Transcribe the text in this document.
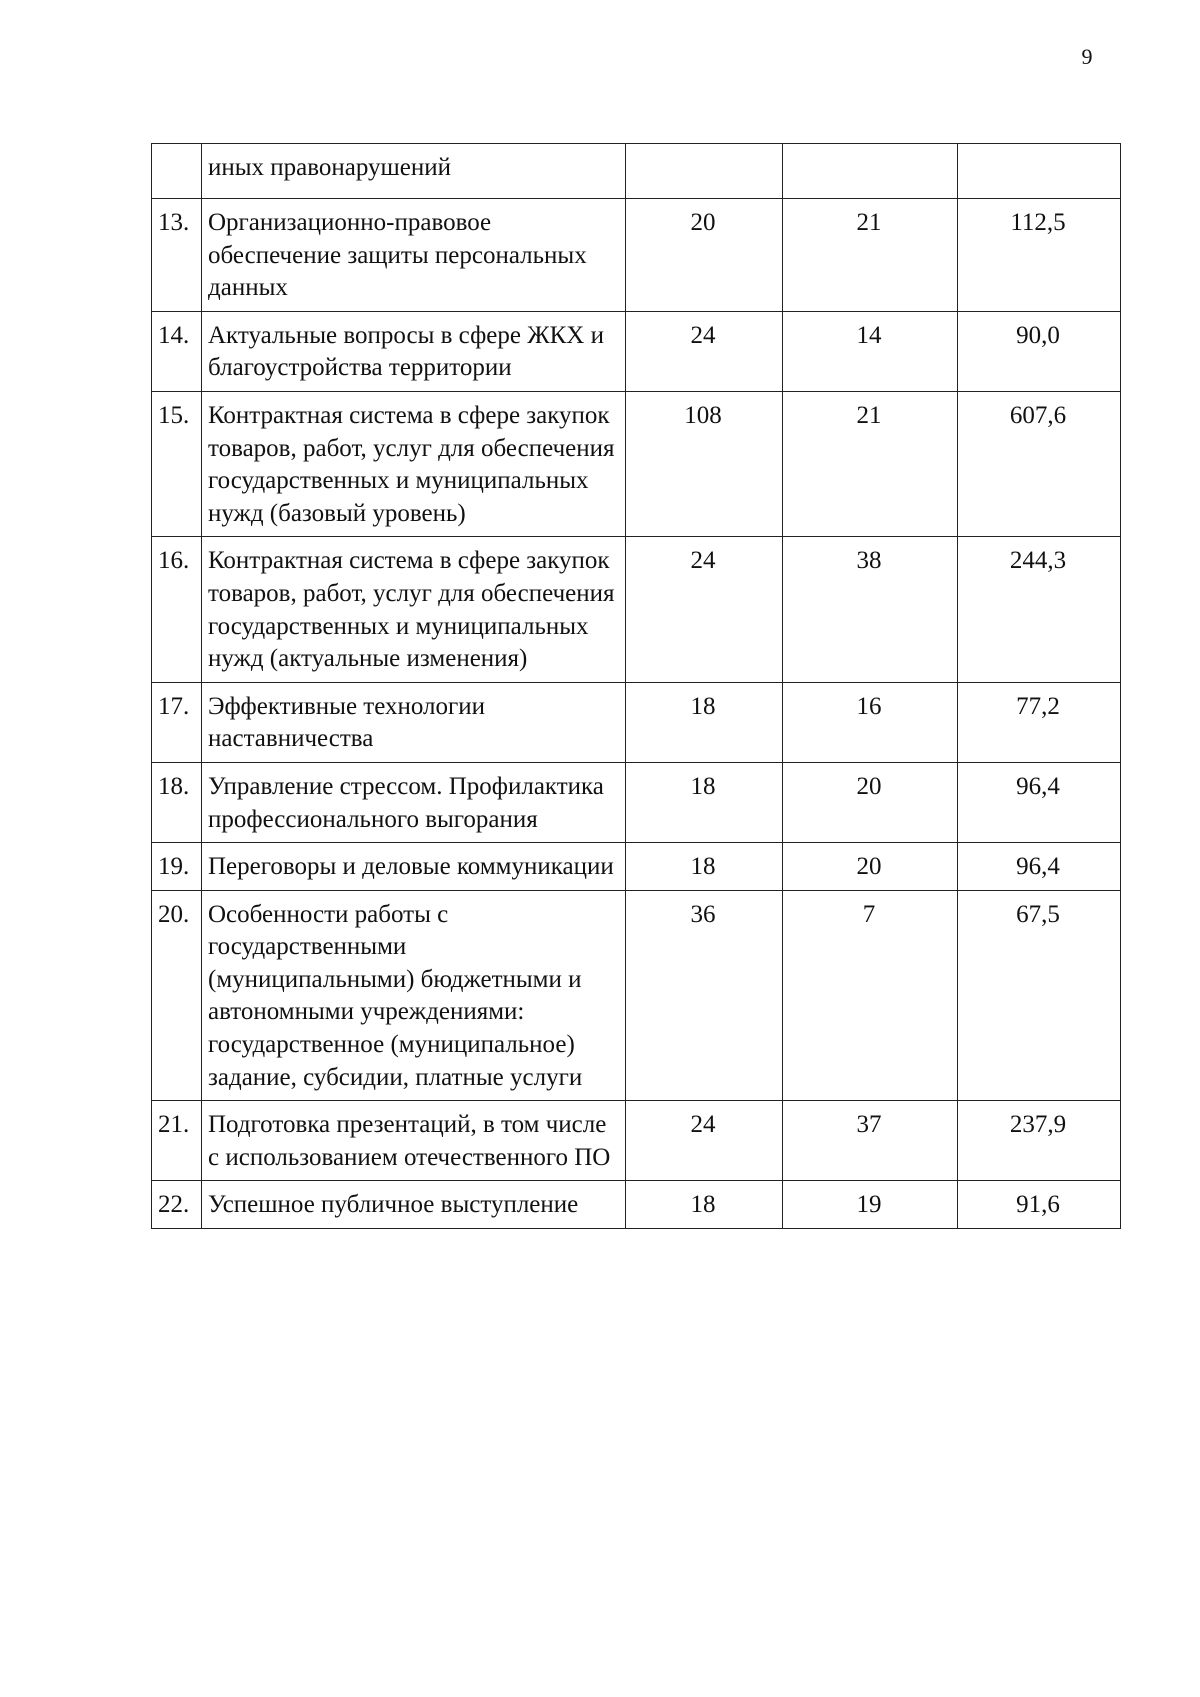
9
	иных правонарушений			
13.	Организационно-правовое обеспечение защиты персональных данных	20	21	112,5
14.	Актуальные вопросы в сфере ЖКХ и благоустройства территории	24	14	90,0
15.	Контрактная система в сфере закупок товаров, работ, услуг для обеспечения государственных и муниципальных нужд (базовый уровень)	108	21	607,6
16.	Контрактная система в сфере закупок товаров, работ, услуг для обеспечения государственных и муниципальных нужд (актуальные изменения)	24	38	244,3
17.	Эффективные технологии наставничества	18	16	77,2
18.	Управление стрессом. Профилактика профессионального выгорания	18	20	96,4
19.	Переговоры и деловые коммуникации	18	20	96,4
20.	Особенности работы с государственными (муниципальными) бюджетными и автономными учреждениями: государственное (муниципальное) задание, субсидии, платные услуги	36	7	67,5
21.	Подготовка презентаций, в том числе с использованием отечественного ПО	24	37	237,9
22.	Успешное публичное выступление	18	19	91,6
